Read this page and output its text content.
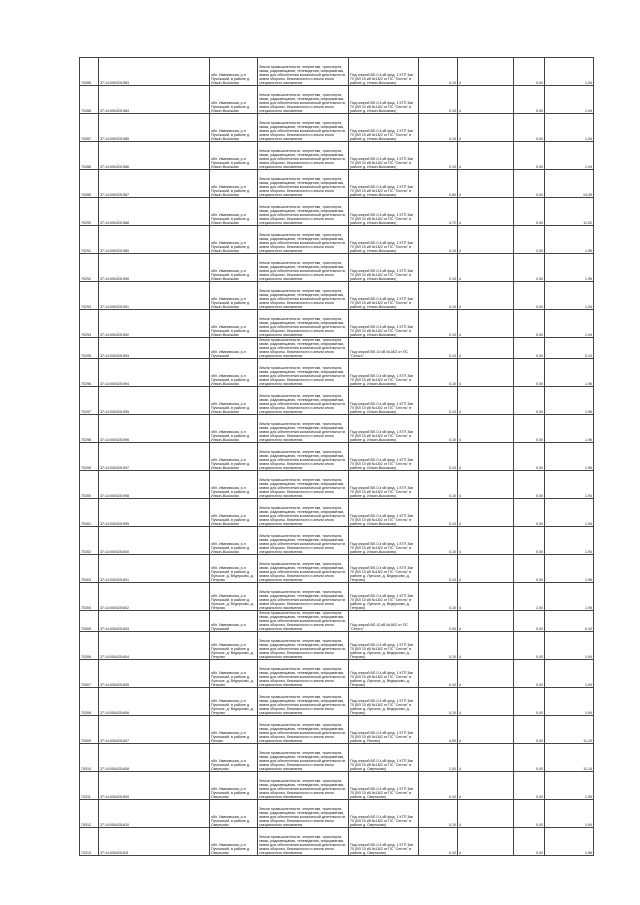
70285	37:14:000425:583	обл. Ивановская, р-н Пучежский, в районе д. Ильин-Высоково	Земли промышленности, энергетики, транспорта, связи, радиовещания, телевидения, информатики, земли для обеспечения космической деятельности, земли обороны, безопасности и земли иного специального назначения	Под опорой ВЛ-0,4 кВ фид. 1 КТП 3кв 70 (ВЛ 10 кВ №18/2 от ПС "Сеготь" в районе д. Ильин-Высоково)	0,10	4	0,00	1,94
70286	37:14:000425:584	обл. Ивановская, р-н Пучежский, в районе д. Ильин-Высоково	Земли промышленности, энергетики, транспорта, связи, радиовещания, телевидения, информатики, земли для обеспечения космической деятельности, земли обороны, безопасности и земли иного специального назначения	Под опорой ВЛ-0,4 кВ фид. 1 КТП 3кв 70 (ВЛ 10 кВ №18/2 от ПС "Сеготь" в районе д. Ильин-Высоково)	0,10	4	0,00	1,94
70287	37:14:000425:585	обл. Ивановская, р-н Пучежский, в районе д. Ильин-Высоково	Земли промышленности, энергетики, транспорта, связи, радиовещания, телевидения, информатики, земли для обеспечения космической деятельности, земли обороны, безопасности и земли иного специального назначения	Под опорой ВЛ-0,4 кВ фид. 1 КТП 3кв 70 (ВЛ 10 кВ №18/2 от ПС "Сеготь" в районе д. Ильин-Высоково)	0,10	4	0,00	1,94
70288	37:14:000425:586	обл. Ивановская, р-н Пучежский, в районе д. Ильин-Высоково	Земли промышленности, энергетики, транспорта, связи, радиовещания, телевидения, информатики, земли для обеспечения космической деятельности, земли обороны, безопасности и земли иного специального назначения	Под опорой ВЛ-0,4 кВ фид. 1 КТП 3кв 70 (ВЛ 10 кВ №18/2 от ПС "Сеготь" в районе д. Ильин-Высоково)	0,10	4	0,00	1,94
70289	37:14:000425:587	обл. Ивановская, р-н Пучежский, в районе д. Ильин-Высоково	Земли промышленности, энергетики, транспорта, связи, радиовещания, телевидения, информатики, земли для обеспечения космической деятельности, земли обороны, безопасности и земли иного специального назначения	Под опорой ВЛ-0,4 кВ фид. 1 КТП 3кв 70 (ВЛ 10 кВ №18/2 от ПС "Сеготь" в районе д. Ильин-Высоково)	0,80	4	0,00	14,49
70290	37:14:000425:588	обл. Ивановская, р-н Пучежский, в районе д. Ильин-Высоково	Земли промышленности, энергетики, транспорта, связи, радиовещания, телевидения, информатики, земли для обеспечения космической деятельности, земли обороны, безопасности и земли иного специального назначения	Под опорой ВЛ-0,4 кВ фид. 1 КТП 3кв 70 (ВЛ 10 кВ №18/2 от ПС "Сеготь" в районе д. Ильин-Высоково)	4,72	4	0,00	11,02
70291	37:14:000425:589	обл. Ивановская, р-н Пучежский, в районе д. Ильин-Высоково	Земли промышленности, энергетики, транспорта, связи, радиовещания, телевидения, информатики, земли для обеспечения космической деятельности, земли обороны, безопасности и земли иного специального назначения	Под опорой ВЛ-0,4 кВ фид. 1 КТП 3кв 70 (ВЛ 10 кВ №18/2 от ПС "Сеготь" в районе д. Ильин-Высоково)	0,10	4	2,00	1,95
70292	37:14:000425:590	обл. Ивановская, р-н Пучежский, в районе д. Ильин-Высоково	Земли промышленности, энергетики, транспорта, связи, радиовещания, телевидения, информатики, земли для обеспечения космической деятельности, земли обороны, безопасности и земли иного специального назначения	Под опорой ВЛ-0,4 кВ фид. 1 КТП 3кв 70 (ВЛ 10 кВ №18/2 от ПС "Сеготь" в районе д. Ильин-Высоково)	0,10	4	2,00	1,95
70293	37:14:000425:591	обл. Ивановская, р-н Пучежский, в районе д. Ильин-Высоково	Земли промышленности, энергетики, транспорта, связи, радиовещания, телевидения, информатики, земли для обеспечения космической деятельности, земли обороны, безопасности и земли иного специального назначения	Под опорой ВЛ-0,4 кВ фид. 1 КТП 3кв 70 (ВЛ 10 кВ №18/2 от ПС "Сеготь" в районе д. Ильин-Высоково)	0,10	4	0,00	1,94
70294	37:14:000425:592	обл. Ивановская, р-н Пучежский, в районе д. Ильин-Высоково	Земли промышленности, энергетики, транспорта, связи, радиовещания, телевидения, информатики, земли для обеспечения космической деятельности, земли обороны, безопасности и земли иного специального назначения	Под опорой ВЛ-0,4 кВ фид. 1 КТП 3кв 70 (ВЛ 10 кВ №18/2 от ПС "Сеготь" в районе д. Ильин-Высоково)	0,10	4	0,00	1,94
70295	37:14:000425:593	обл. Ивановская, р-н Пучежский	Земли промышленности, энергетики, транспорта, связи, радиовещания, телевидения, информатики, земли для обеспечения космической деятельности, земли обороны, безопасности и земли иного специального назначения	Под опорой ВЛ-10 кВ №18/2 от ПС "Сеготь"	0,10	4	0,00	0,10
70296	37:14:000425:594	обл. Ивановская, р-н Пучежский, в районе д. Ильин-Высоково	Земли промышленности, энергетики, транспорта, связи, радиовещания, телевидения, информатики, земли для обеспечения космической деятельности, земли обороны, безопасности и земли иного специального назначения	Под опорой ВЛ-0,4 кВ фид. 1 КТП 3кв 70 (ВЛ 10 кВ №18/2 от ПС "Сеготь" в районе д. Ильин-Высоково)	0,10	4	0,00	1,96
70297	37:14:000425:595	обл. Ивановская, р-н Пучежский, в районе д. Ильин-Высоково	Земли промышленности, энергетики, транспорта, связи, радиовещания, телевидения, информатики, земли для обеспечения космической деятельности, земли обороны, безопасности и земли иного специального назначения	Под опорой ВЛ-0,4 кВ фид. 1 КТП 3кв 70 (ВЛ 10 кВ №18/2 от ПС "Сеготь" в районе д. Ильин-Высоково)	0,10	4	0,00	1,96
70298	37:14:000425:596	обл. Ивановская, р-н Пучежский, в районе д. Ильин-Высоково	Земли промышленности, энергетики, транспорта, связи, радиовещания, телевидения, информатики, земли для обеспечения космической деятельности, земли обороны, безопасности и земли иного специального назначения	Под опорой ВЛ-0,4 кВ фид. 1 КТП 3кв 70 (ВЛ 10 кВ №18/2 от ПС "Сеготь" в районе д. Ильин-Высоково)	0,10	4	0,00	1,96
70299	37:14:000425:597	обл. Ивановская, р-н Пучежский, в районе д. Ильин-Высоково	Земли промышленности, энергетики, транспорта, связи, радиовещания, телевидения, информатики, земли для обеспечения космической деятельности, земли обороны, безопасности и земли иного специального назначения	Под опорой ВЛ-0,4 кВ фид. 1 КТП 3кв 70 (ВЛ 10 кВ №18/2 от ПС "Сеготь" в районе д. Ильин-Высоково)	0,10	4	0,00	1,95
70300	37:14:000425:598	обл. Ивановская, р-н Пучежский, в районе д. Ильин-Высоково	Земли промышленности, энергетики, транспорта, связи, радиовещания, телевидения, информатики, земли для обеспечения космической деятельности, земли обороны, безопасности и земли иного специального назначения	Под опорой ВЛ-0,4 кВ фид. 1 КТП 3кв 70 (ВЛ 10 кВ №18/2 от ПС "Сеготь" в районе д. Ильин-Высоково)	0,10	4	0,00	1,94
70301	37:14:000425:599	обл. Ивановская, р-н Пучежский, в районе д. Ильин-Высоково	Земли промышленности, энергетики, транспорта, связи, радиовещания, телевидения, информатики, земли для обеспечения космической деятельности, земли обороны, безопасности и земли иного специального назначения	Под опорой ВЛ-0,4 кВ фид. 1 КТП 3кв 70 (ВЛ 10 кВ №18/2 от ПС "Сеготь" в районе д. Ильин-Высоково)	0,10	4	0,00	1,94
70302	37:14:000425:600	обл. Ивановская, р-н Пучежский, в районе д. Ильин-Высоково	Земли промышленности, энергетики, транспорта, связи, радиовещания, телевидения, информатики, земли для обеспечения космической деятельности, земли обороны, безопасности и земли иного специального назначения	Под опорой ВЛ-0,4 кВ фид. 1 КТП 3кв 70 (ВЛ 10 кВ №18/2 от ПС "Сеготь" в районе д. Ильин-Высоково)	0,10	4	0,00	1,94
70303	37:14:000425:601	обл. Ивановская, р-н Пучежский, в районе д. Лунское, д. Ведерково, д. Петрово	Земли промышленности, энергетики, транспорта, связи, радиовещания, телевидения, информатики, земли для обеспечения космической деятельности, земли обороны, безопасности и земли иного специального назначения	Под опорой ВЛ-0,4 кВ фид. 1 КТП 3кв 70 (ВЛ 10 кВ №18/2 от ПС "Сеготь" в районе д. Лунское, д. Ведерково, д. Петрово)	0,10	4	0,00	1,96
70304	37:14:000425:602	обл. Ивановская, р-н Пучежский, в районе д. Лунское, д. Ведерково, д. Петрово	Земли промышленности, энергетики, транспорта, связи, радиовещания, телевидения, информатики, земли для обеспечения космической деятельности, земли обороны, безопасности и земли иного специального назначения	Под опорой ВЛ-0,4 кВ фид. 1 КТП 3кв 70 (ВЛ 10 кВ №18/2 от ПС "Сеготь" в районе д. Лунское, д. Ведерково, д. Петрово)	0,10	4	2,00	1,95
70305	37:14:000425:603	обл. Ивановская, р-н Пучежский	Земли промышленности, энергетики, транспорта, связи, радиовещания, телевидения, информатики, земли для обеспечения космической деятельности, земли обороны, безопасности и земли иного специального назначения	Под опорой ВЛ-10 кВ №18/2 от ПС "Сеготь"	0,00	4	0,00	0,10
70306	37:14:000425:604	обл. Ивановская, р-н Пучежский, в районе д. Лунское, д. Ведерково, д. Петрово	Земли промышленности, энергетики, транспорта, связи, радиовещания, телевидения, информатики, земли для обеспечения космической деятельности, земли обороны, безопасности и земли иного специального назначения	Под опорой ВЛ-0,4 кВ фид. 1 КТП 3кв 70 (ВЛ 10 кВ №18/2 от ПС "Сеготь" в районе д. Лунское, д. Ведерково, д. Петрово)	0,10	4	0,00	1,94
70307	37:14:000425:605	обл. Ивановская, р-н Пучежский, в районе д. Лунское, д. Ведерково, д. Петрово	Земли промышленности, энергетики, транспорта, связи, радиовещания, телевидения, информатики, земли для обеспечения космической деятельности, земли обороны, безопасности и земли иного специального назначения	Под опорой ВЛ-0,4 кВ фид. 1 КТП 3кв 70 (ВЛ 10 кВ №18/2 от ПС "Сеготь" в районе д. Лунское, д. Ведерково, д. Петрово)	0,10	4	0,00	1,94
70308	37:14:000425:606	обл. Ивановская, р-н Пучежский, в районе д. Лунское, д. Ведерково, д. Петрово	Земли промышленности, энергетики, транспорта, связи, радиовещания, телевидения, информатики, земли для обеспечения космической деятельности, земли обороны, безопасности и земли иного специального назначения	Под опорой ВЛ-0,4 кВ фид. 1 КТП 3кв 70 (ВЛ 10 кВ №18/2 от ПС "Сеготь" в районе д. Лунское, д. Ведерково, д. Петрово)	0,10	4	0,00	1,94
70309	37:14:000425:607	обл. Ивановская, р-н Пучежский, в районе д. Ряхово	Земли промышленности, энергетики, транспорта, связи, радиовещания, телевидения, информатики, земли для обеспечения космической деятельности, земли обороны, безопасности и земли иного специального назначения	Под опорой ВЛ-0,4 кВ фид. 1 КТП 3кв 70 (ВЛ 10 кВ №18/2 от ПС "Сеготь" в районе д. Ряхово)	4,00	4	0,00	11,23
70310	37:14:000425:608	обл. Ивановская, р-н Пучежский, в районе д. Сверчково	Земли промышленности, энергетики, транспорта, связи, радиовещания, телевидения, информатики, земли для обеспечения космической деятельности, земли обороны, безопасности и земли иного специального назначения	Под опорой ВЛ-0,4 кВ фид. 1 КТП 3кв 70 (ВЛ 10 кВ №18/2 от ПС "Сеготь" в районе д. Сверчково)	2,00	4	0,00	11,14
70311	37:14:000425:609	обл. Ивановская, р-н Пучежский, в районе д. Сверчково	Земли промышленности, энергетики, транспорта, связи, радиовещания, телевидения, информатики, земли для обеспечения космической деятельности, земли обороны, безопасности и земли иного специального назначения	Под опорой ВЛ-0,4 кВ фид. 1 КТП 3кв 70 (ВЛ 10 кВ №18/2 от ПС "Сеготь" в районе д. Сверчково)	0,10	4	0,00	1,95
70312	37:14:000425:610	обл. Ивановская, р-н Пучежский, в районе д. Сверчково	Земли промышленности, энергетики, транспорта, связи, радиовещания, телевидения, информатики, земли для обеспечения космической деятельности, земли обороны, безопасности и земли иного специального назначения	Под опорой ВЛ-0,4 кВ фид. 1 КТП 3кв 70 (ВЛ 10 кВ №18/2 от ПС "Сеготь" в районе д. Сверчково)	0,10	4	0,00	1,94
70313	37:14:000425:611	обл. Ивановская, р-н Пучежский, в районе д. Сверчково	Земли промышленности, энергетики, транспорта, связи, радиовещания, телевидения, информатики, земли для обеспечения космической деятельности, земли обороны, безопасности и земли иного специального назначения	Под опорой ВЛ-0,4 кВ фид. 1 КТП 3кв 70 (ВЛ 10 кВ №18/2 от ПС "Сеготь" в районе д. Сверчково)	0,10	4	0,00	1,96
